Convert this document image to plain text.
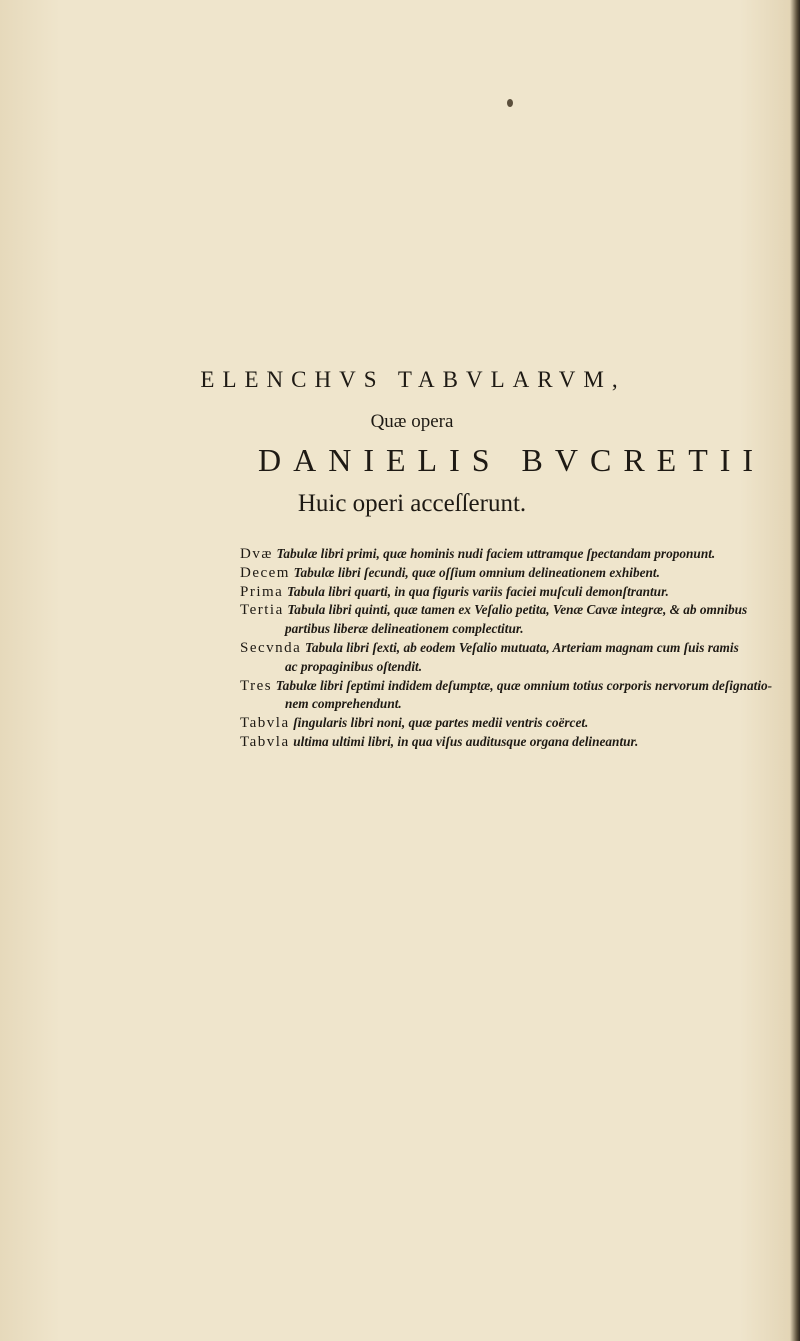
ELENCHVS TABVLARVM,
Quæ opera
DANIELIS BVCRETII
Huic operi acceſſerunt.
Dvæ Tabulæ libri primi, quæ hominis nudi faciem uttramque ſpectandam proponunt.
Decem Tabulæ libri ſecundi, quæ oſſium omnium delineationem exhibent.
Prima Tabula libri quarti, in qua figuris variis faciei muſculi demonſtrantur.
Tertia Tabula libri quinti, quæ tamen ex Veſalio petita, Venæ Cavæ integræ, & ab omnibus
partibus liberæ delineationem complectitur.
Secvnda Tabula libri ſexti, ab eodem Veſalio mutuata, Arteriam magnam cum ſuis ramis
ac propaginibus oſtendit.
Tres Tabulæ libri ſeptimi indidem deſumptæ, quæ omnium totius corporis nervorum deſignatio-
nem comprehendunt.
Tabvla ſingularis libri noni, quæ partes medii ventris coërcet.
Tabvla ultima ultimi libri, in qua viſus auditusque organa delineantur.
